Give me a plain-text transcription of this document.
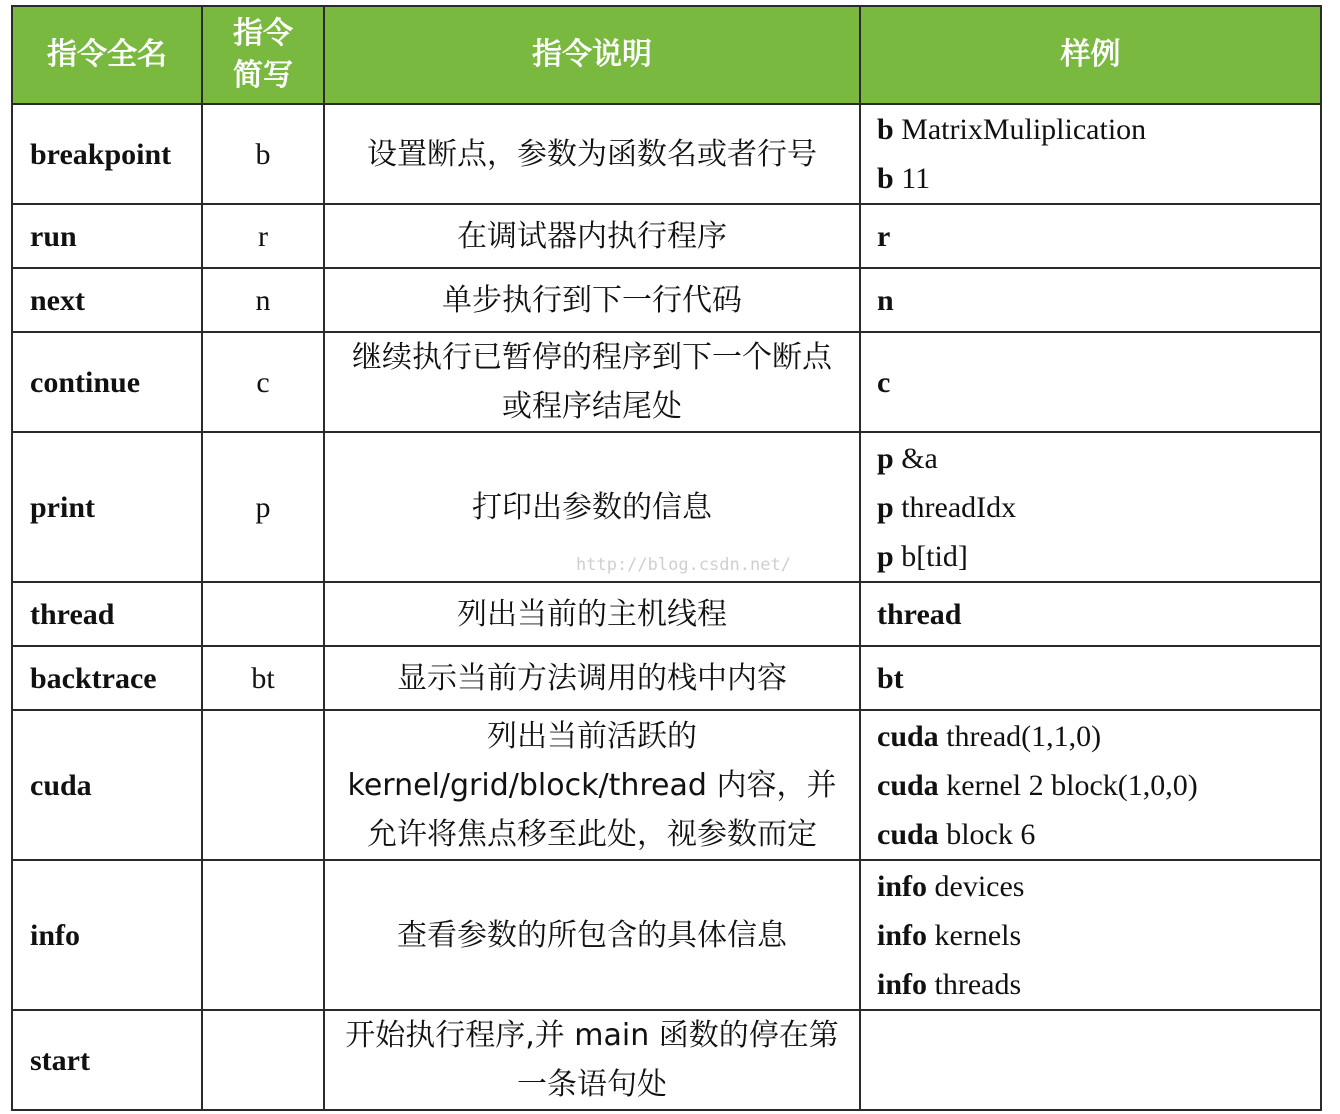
指令全名	指令简写	指令说明	样例
breakpoint	b	设置断点，参数为函数名或者行号	b MatrixMuliplication
b 11

run	r	在调试器内执行程序	r

next	n	单步执行到下一行代码	n

continue	c	继续执行已暂停的程序到下一个断点或程序结尾处	c

print	p	打印出参数的信息	p &a
p threadIdx
p b[tid]

thread		列出当前的主机线程	thread

backtrace	bt	显示当前方法调用的栈中内容	bt

cuda		列出当前活跃的kernel/grid/block/thread 内容，并允许将焦点移至此处，视参数而定	cuda thread(1,1,0)
cuda kernel 2 block(1,0,0)
cuda block 6

info		查看参数的所包含的具体信息	info devices
info kernels
info threads

start		开始执行程序,并 main 函数的停在第一条语句处	
http://blog.csdn.net/
